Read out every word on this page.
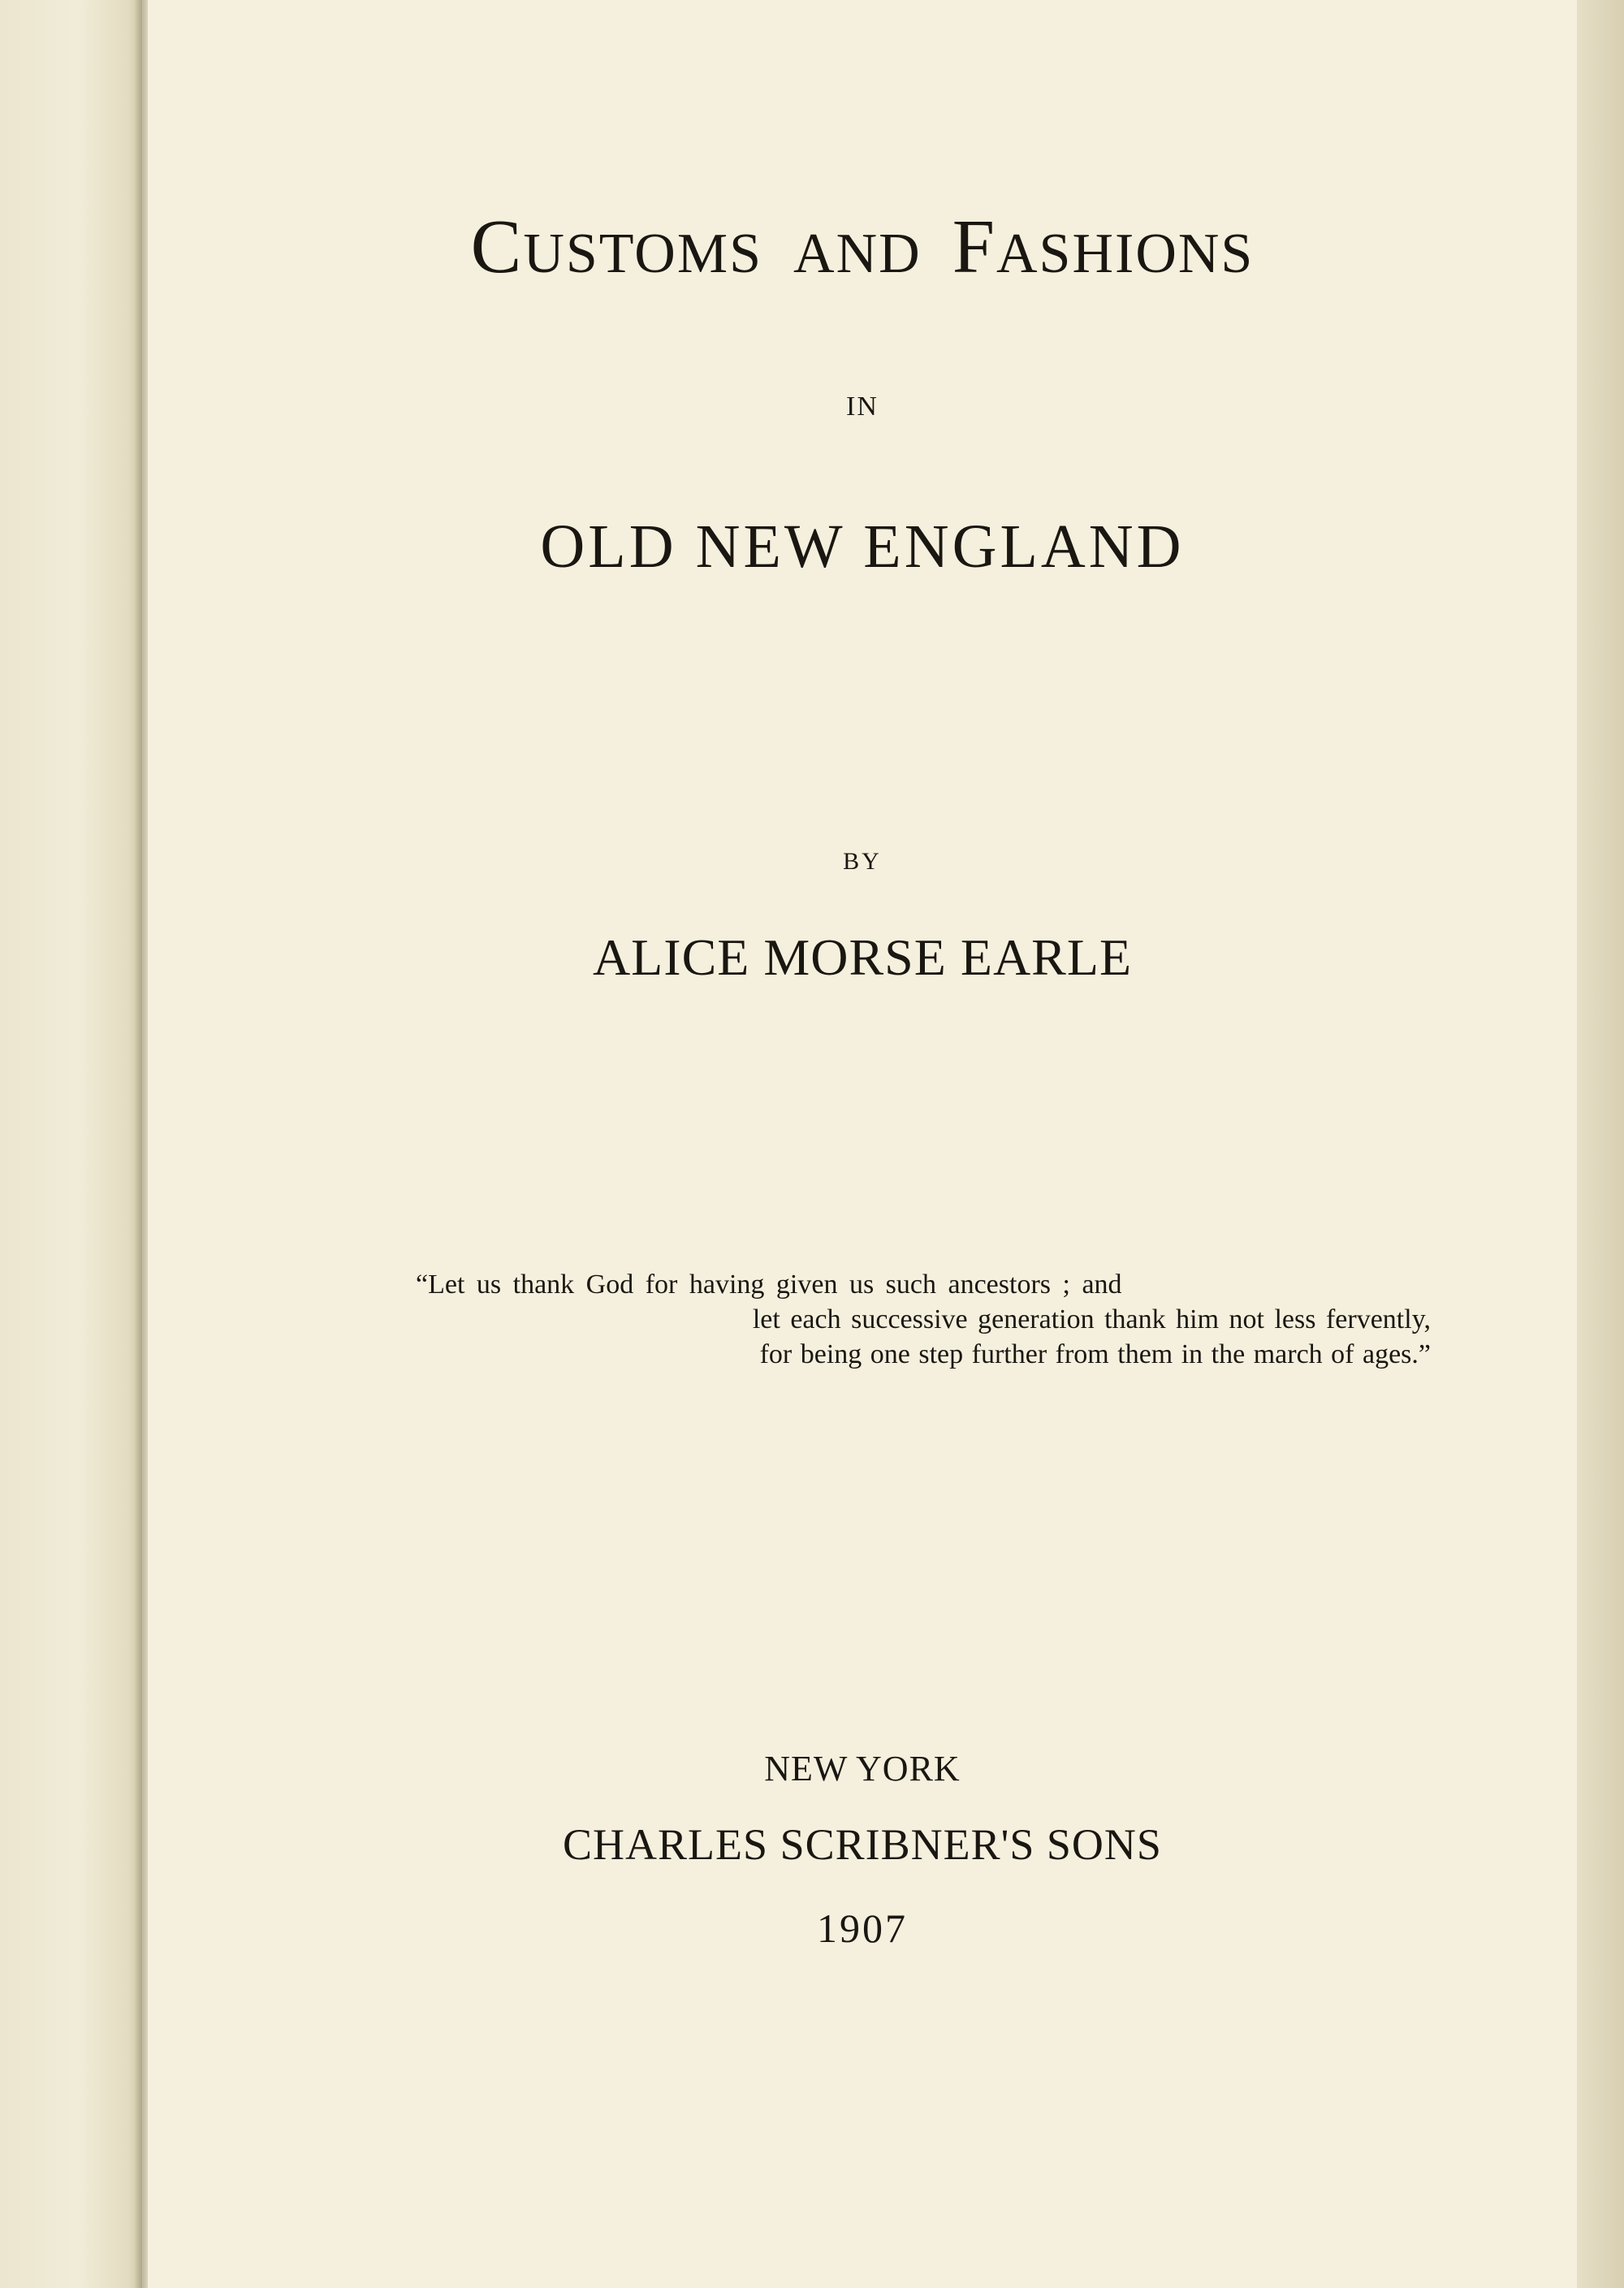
CUSTOMS AND FASHIONS
IN
OLD NEW ENGLAND
BY
ALICE MORSE EARLE
“Let us thank God for having given us such ancestors ; and
let each successive generation thank him not less fervently,
for being one step further from them in the march of ages.”
NEW YORK
CHARLES SCRIBNER'S SONS
1907
